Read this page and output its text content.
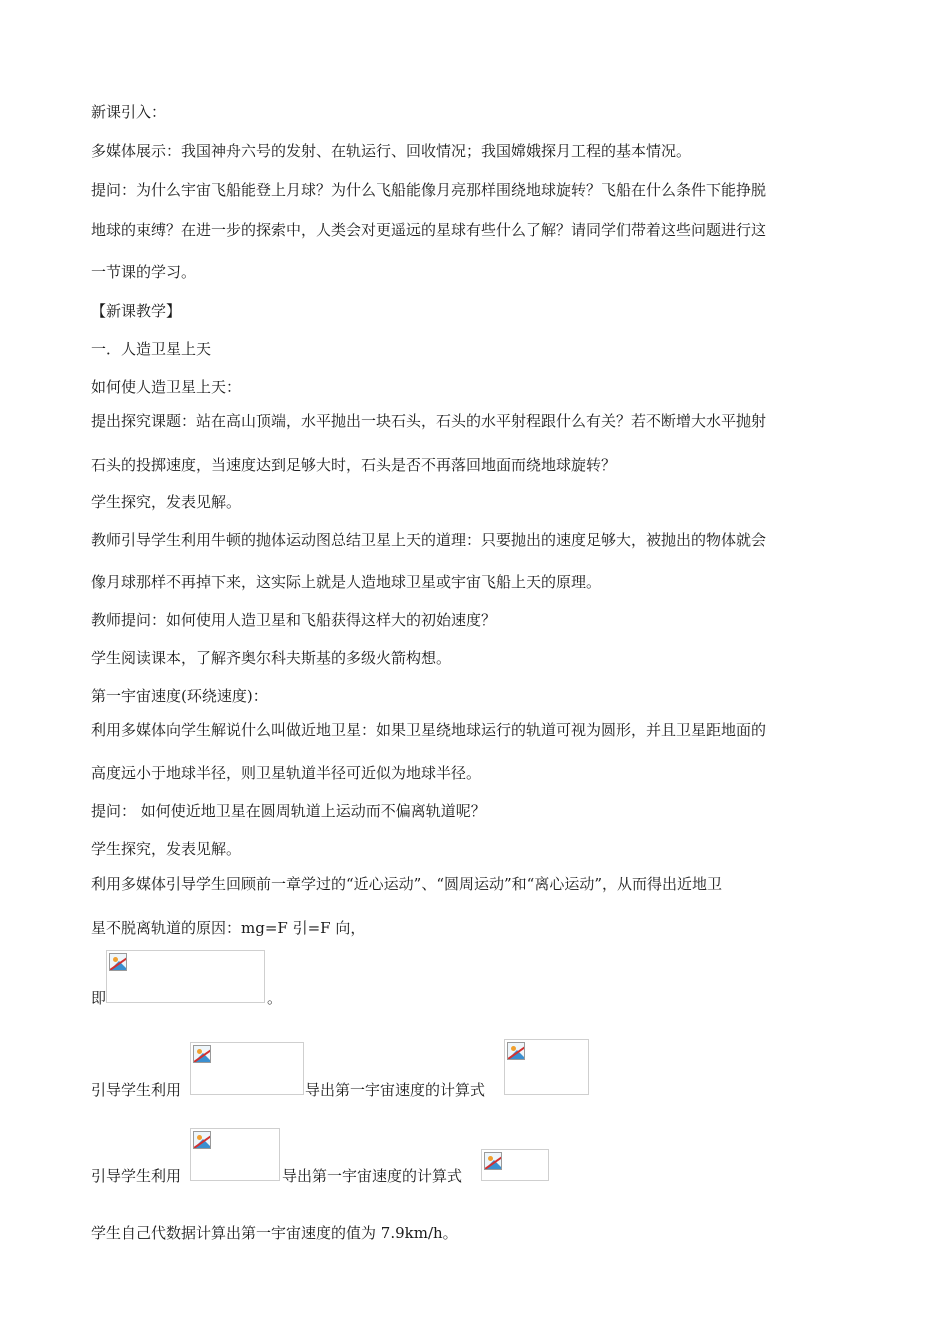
新课引入：
多媒体展示：我国神舟六号的发射、在轨运行、回收情况；我国嫦娥探月工程的基本情况。
提问：为什么宇宙飞船能登上月球？为什么飞船能像月亮那样围绕地球旋转？飞船在什么条件下能挣脱
地球的束缚？在进一步的探索中，人类会对更遥远的星球有些什么了解？请同学们带着这些问题进行这
一节课的学习。
【新课教学】
一．人造卫星上天
如何使人造卫星上天：
提出探究课题：站在高山顶端，水平抛出一块石头，石头的水平射程跟什么有关？若不断增大水平抛射
石头的投掷速度，当速度达到足够大时，石头是否不再落回地面而绕地球旋转？
学生探究，发表见解。
教师引导学生利用牛顿的抛体运动图总结卫星上天的道理：只要抛出的速度足够大，被抛出的物体就会
像月球那样不再掉下来，这实际上就是人造地球卫星或宇宙飞船上天的原理。
教师提问：如何使用人造卫星和飞船获得这样大的初始速度？
学生阅读课本，了解齐奥尔科夫斯基的多级火箭构想。
第一宇宙速度(环绕速度)：
利用多媒体向学生解说什么叫做近地卫星：如果卫星绕地球运行的轨道可视为圆形，并且卫星距地面的
高度远小于地球半径，则卫星轨道半径可近似为地球半径。
提问： 如何使近地卫星在圆周轨道上运动而不偏离轨道呢？
学生探究，发表见解。
利用多媒体引导学生回顾前一章学过的“近心运动”、“圆周运动”和“离心运动”，从而得出近地卫
星不脱离轨道的原因：mg=F 引=F 向，
即	。
引导学生利用	导出第一宇宙速度的计算式
引导学生利用	导出第一宇宙速度的计算式
学生自己代数据计算出第一宇宙速度的值为 7.9km/h。
